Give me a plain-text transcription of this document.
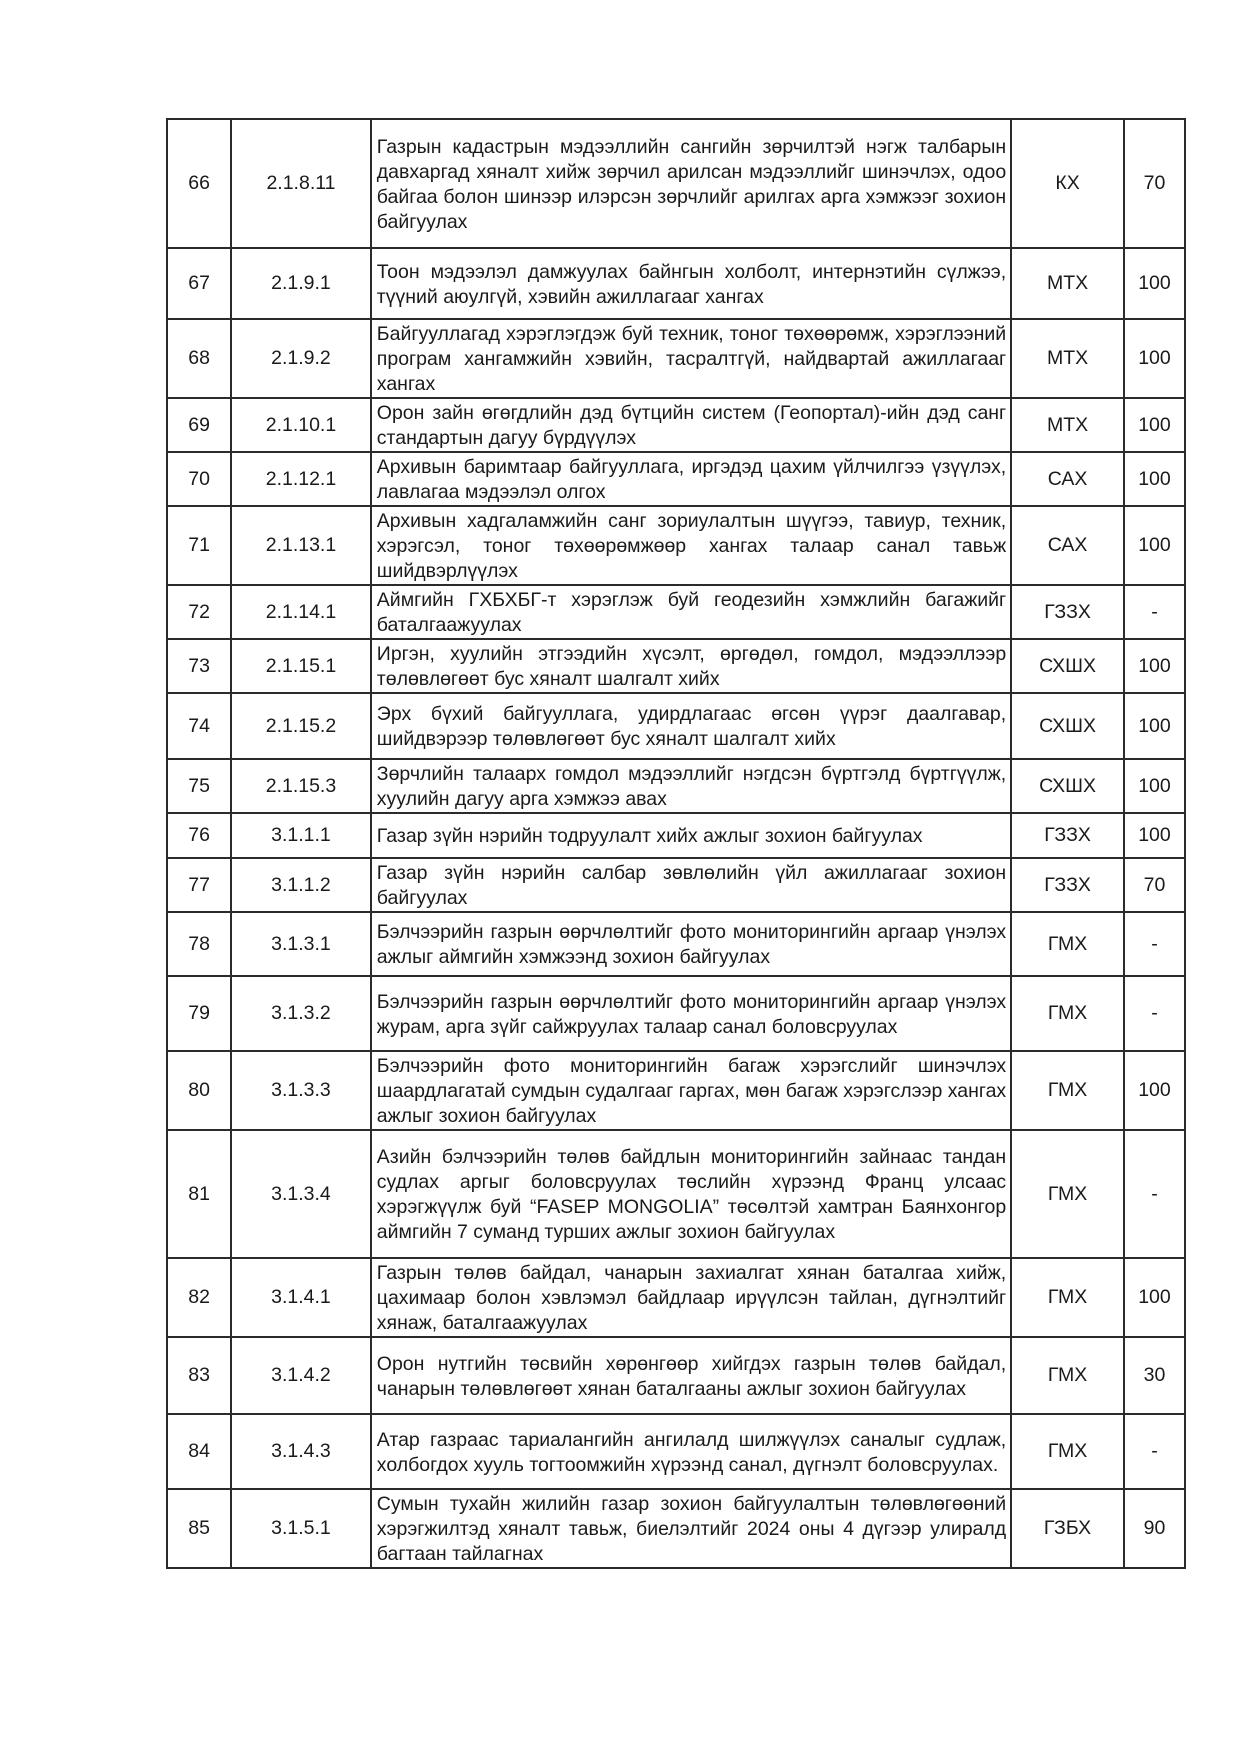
66	2.1.8.11	Газрын кадастрын мэдээллийн сангийн зөрчилтэй нэгж талбарын давхаргад хяналт хийж зөрчил арилсан мэдээллийг шинэчлэх, одоо байгаа болон шинээр илэрсэн зөрчлийг арилгах арга хэмжээг зохион байгуулах	КХ	70
67	2.1.9.1	Тоон мэдээлэл дамжуулах байнгын холболт, интернэтийн сүлжээ, түүний аюулгүй, хэвийн ажиллагааг хангах	МТХ	100
68	2.1.9.2	Байгууллагад хэрэглэгдэж буй техник, тоног төхөөрөмж, хэрэглээний програм хангамжийн хэвийн, тасралтгүй, найдвартай ажиллагааг хангах	МТХ	100
69	2.1.10.1	Орон зайн өгөгдлийн дэд бүтцийн систем (Геопортал)-ийн дэд санг стандартын дагуу бүрдүүлэх	МТХ	100
70	2.1.12.1	Архивын баримтаар байгууллага, иргэдэд цахим үйлчилгээ үзүүлэх, лавлагаа мэдээлэл олгох	САХ	100
71	2.1.13.1	Архивын хадгаламжийн санг зориулалтын шүүгээ, тавиур, техник, хэрэгсэл, тоног төхөөрөмжөөр хангах талаар санал тавьж шийдвэрлүүлэх	САХ	100
72	2.1.14.1	Аймгийн ГХБХБГ-т хэрэглэж буй геодезийн хэмжлийн багажийг баталгаажуулах	ГЗЗХ	-
73	2.1.15.1	Иргэн, хуулийн этгээдийн хүсэлт, өргөдөл, гомдол, мэдээллээр төлөвлөгөөт бус хяналт шалгалт хийх	СХШХ	100
74	2.1.15.2	Эрх бүхий байгууллага, удирдлагаас өгсөн үүрэг даалгавар, шийдвэрээр төлөвлөгөөт бус хяналт шалгалт хийх	СХШХ	100
75	2.1.15.3	Зөрчлийн талаарх гомдол мэдээллийг нэгдсэн бүртгэлд бүртгүүлж, хуулийн дагуу арга хэмжээ авах	СХШХ	100
76	3.1.1.1	Газар зүйн нэрийн тодруулалт хийх ажлыг зохион байгуулах	ГЗЗХ	100
77	3.1.1.2	Газар зүйн нэрийн салбар зөвлөлийн үйл ажиллагааг зохион байгуулах	ГЗЗХ	70
78	3.1.3.1	Бэлчээрийн газрын өөрчлөлтийг фото мониторингийн аргаар үнэлэх ажлыг аймгийн хэмжээнд зохион байгуулах	ГМХ	-
79	3.1.3.2	Бэлчээрийн газрын өөрчлөлтийг фото мониторингийн аргаар үнэлэх журам, арга зүйг сайжруулах талаар санал боловсруулах	ГМХ	-
80	3.1.3.3	Бэлчээрийн фото мониторингийн багаж хэрэгслийг шинэчлэх шаардлагатай сумдын судалгааг гаргах, мөн багаж хэрэгслээр хангах ажлыг зохион байгуулах	ГМХ	100
81	3.1.3.4	Азийн бэлчээрийн төлөв байдлын мониторингийн зайнаас тандан судлах аргыг боловсруулах төслийн хүрээнд Франц улсаас хэрэгжүүлж буй “FASEP MONGOLIA” төсөлтэй хамтран Баянхонгор аймгийн 7 суманд турших ажлыг зохион байгуулах	ГМХ	-
82	3.1.4.1	Газрын төлөв байдал, чанарын захиалгат хянан баталгаа хийж, цахимаар болон хэвлэмэл байдлаар ирүүлсэн тайлан, дүгнэлтийг хянаж, баталгаажуулах	ГМХ	100
83	3.1.4.2	Орон нутгийн төсвийн хөрөнгөөр хийгдэх газрын төлөв байдал, чанарын төлөвлөгөөт хянан баталгааны ажлыг зохион байгуулах	ГМХ	30
84	3.1.4.3	Атар газраас тариалангийн ангилалд шилжүүлэх саналыг судлаж, холбогдох хууль тогтоомжийн хүрээнд санал, дүгнэлт боловсруулах.	ГМХ	-
85	3.1.5.1	Сумын тухайн жилийн газар зохион байгуулалтын төлөвлөгөөний хэрэгжилтэд хяналт тавьж, биелэлтийг 2024 оны 4 дүгээр улиралд багтаан тайлагнах	ГЗБХ	90
